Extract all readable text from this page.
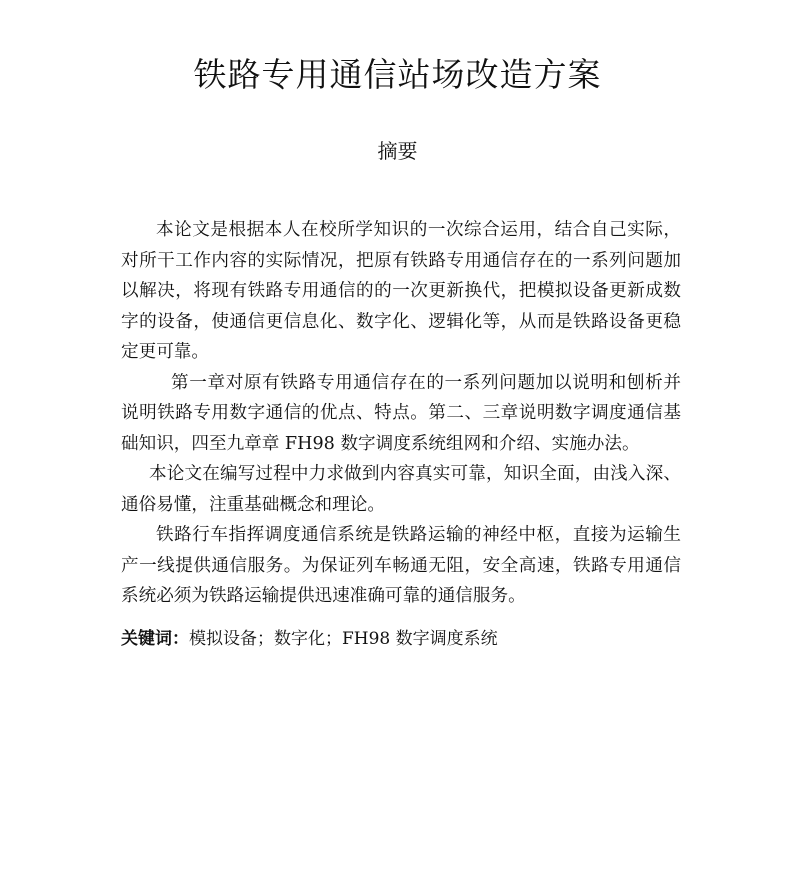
铁路专用通信站场改造方案
摘要

本论文是根据本人在校所学知识的一次综合运用，结合自己实际，对所干工作内容的实际情况，把原有铁路专用通信存在的一系列问题加以解决，将现有铁路专用通信的的一次更新换代，把模拟设备更新成数字的设备，使通信更信息化、数字化、逻辑化等，从而是铁路设备更稳定更可靠。

第一章对原有铁路专用通信存在的一系列问题加以说明和刨析并说明铁路专用数字通信的优点、特点。第二、三章说明数字调度通信基础知识，四至九章章 FH98 数字调度系统组网和介绍、实施办法。

本论文在编写过程中力求做到内容真实可靠，知识全面，由浅入深、通俗易懂，注重基础概念和理论。

铁路行车指挥调度通信系统是铁路运输的神经中枢，直接为运输生产一线提供通信服务。为保证列车畅通无阻，安全高速，铁路专用通信系统必须为铁路运输提供迅速准确可靠的通信服务。

关键词：模拟设备；数字化；FH98 数字调度系统
